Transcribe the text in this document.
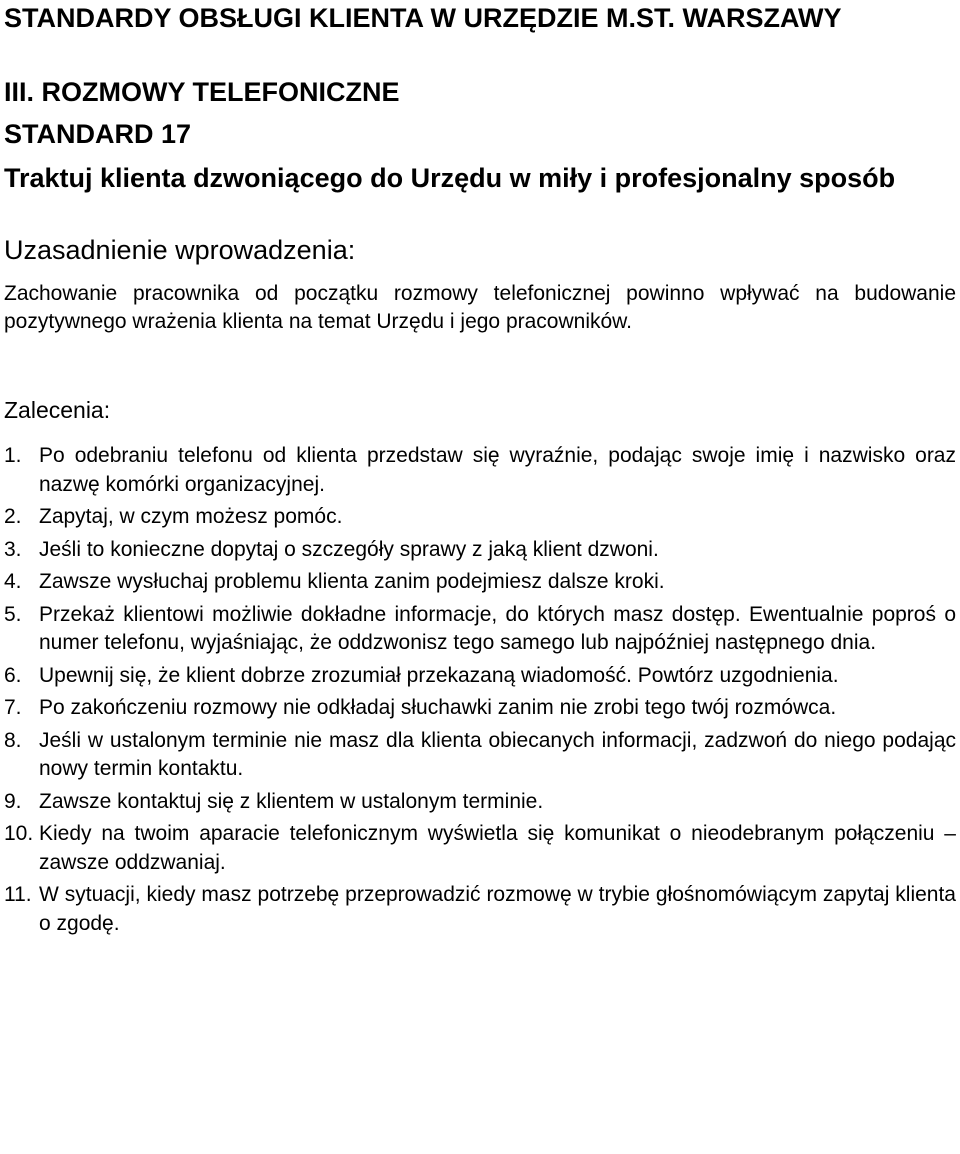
STANDARDY OBSŁUGI KLIENTA W URZĘDZIE M.ST. WARSZAWY
III. ROZMOWY TELEFONICZNE
STANDARD 17
Traktuj klienta dzwoniącego do Urzędu w miły i profesjonalny sposób
Uzasadnienie wprowadzenia:
Zachowanie pracownika od początku rozmowy telefonicznej powinno wpływać na budowanie pozytywnego wrażenia klienta na temat Urzędu i jego pracowników.
Zalecenia:
1. Po odebraniu telefonu od klienta przedstaw się wyraźnie, podając swoje imię i nazwisko oraz nazwę komórki organizacyjnej.
2. Zapytaj, w czym możesz pomóc.
3. Jeśli to konieczne dopytaj o szczegóły sprawy z jaką klient dzwoni.
4. Zawsze wysłuchaj problemu klienta zanim podejmiesz dalsze kroki.
5. Przekaż klientowi możliwie dokładne informacje, do których masz dostęp. Ewentualnie poproś o numer telefonu, wyjaśniając, że oddzwonisz tego samego lub najpóźniej następnego dnia.
6. Upewnij się, że klient dobrze zrozumiał przekazaną wiadomość. Powtórz uzgodnienia.
7. Po zakończeniu rozmowy nie odkładaj słuchawki zanim nie zrobi tego twój rozmówca.
8. Jeśli w ustalonym terminie nie masz dla klienta obiecanych informacji, zadzwoń do niego podając nowy termin kontaktu.
9. Zawsze kontaktuj się z klientem w ustalonym terminie.
10. Kiedy na twoim aparacie telefonicznym wyświetla się komunikat o nieodebranym połączeniu – zawsze oddzwaniaj.
11. W sytuacji, kiedy masz potrzebę przeprowadzić rozmowę w trybie głośnomówiącym zapytaj klienta o zgodę.
